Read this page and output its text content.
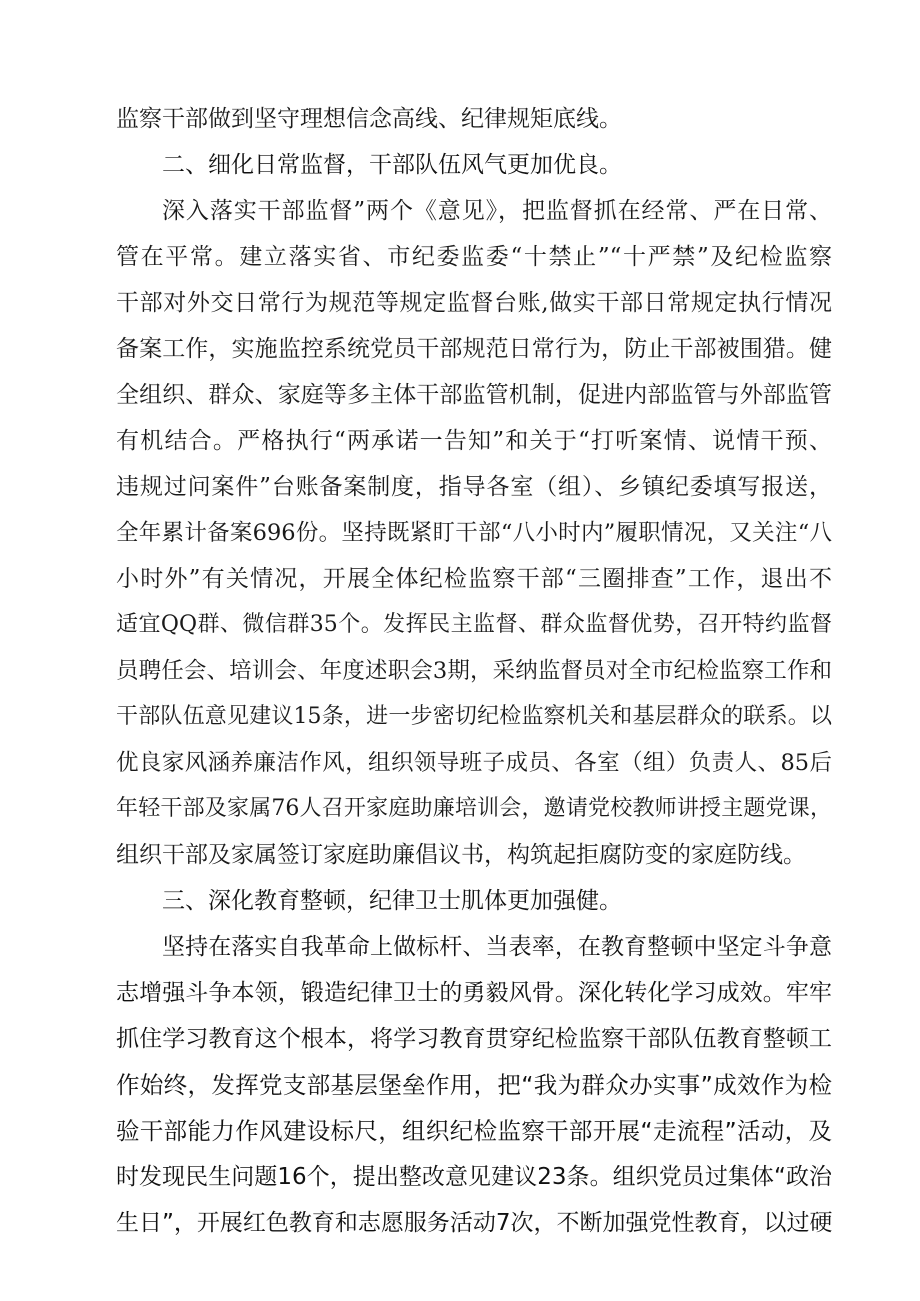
监察干部做到坚守理想信念高线、纪律规矩底线。
二、细化日常监督，干部队伍风气更加优良。
深入落实干部监督”两个《意见》，把监督抓在经常、严在日常、
管在平常。建立落实省、市纪委监委“十禁止”“十严禁”及纪检监察
干部对外交日常行为规范等规定监督台账,做实干部日常规定执行情况
备案工作，实施监控系统党员干部规范日常行为，防止干部被围猎。健
全组织、群众、家庭等多主体干部监管机制，促进内部监管与外部监管
有机结合。严格执行“两承诺一告知”和关于“打听案情、说情干预、
违规过问案件”台账备案制度，指导各室（组）、乡镇纪委填写报送，
全年累计备案696份。坚持既紧盯干部“八小时内”履职情况，又关注“八
小时外”有关情况，开展全体纪检监察干部“三圈排查”工作，退出不
适宜QQ群、微信群35个。发挥民主监督、群众监督优势，召开特约监督
员聘任会、培训会、年度述职会3期，采纳监督员对全市纪检监察工作和
干部队伍意见建议15条，进一步密切纪检监察机关和基层群众的联系。以
优良家风涵养廉洁作风，组织领导班子成员、各室（组）负责人、85后
年轻干部及家属76人召开家庭助廉培训会，邀请党校教师讲授主题党课，
组织干部及家属签订家庭助廉倡议书，构筑起拒腐防变的家庭防线。
三、深化教育整顿，纪律卫士肌体更加强健。
坚持在落实自我革命上做标杆、当表率，在教育整顿中坚定斗争意
志增强斗争本领，锻造纪律卫士的勇毅风骨。深化转化学习成效。牢牢
抓住学习教育这个根本，将学习教育贯穿纪检监察干部队伍教育整顿工
作始终，发挥党支部基层堡垒作用，把“我为群众办实事”成效作为检
验干部能力作风建设标尺，组织纪检监察干部开展“走流程”活动，及
时发现民生问题16个，提出整改意见建议23条。组织党员过集体“政治
生日”，开展红色教育和志愿服务活动7次，不断加强党性教育，以过硬
